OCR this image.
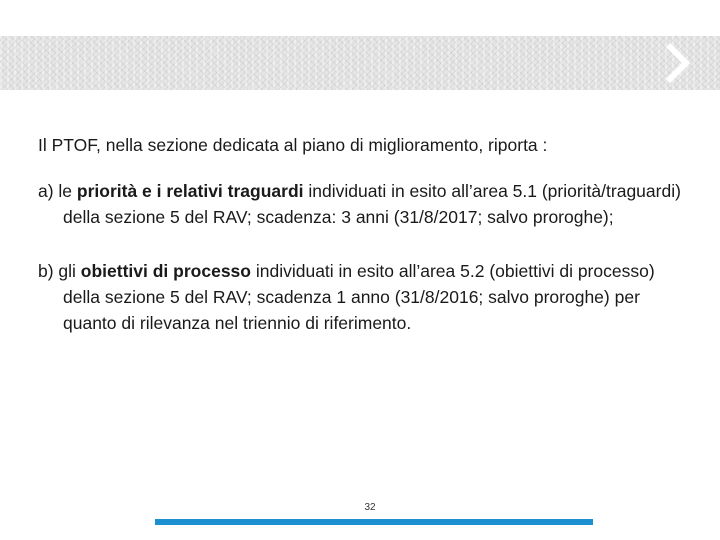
Il PTOF, nella sezione dedicata al piano di miglioramento, riporta :

a) le priorità e i relativi traguardi individuati in esito all’area 5.1 (priorità/traguardi) della sezione 5 del RAV; scadenza: 3 anni (31/8/2017; salvo proroghe);

b) gli obiettivi di processo individuati in esito all’area 5.2 (obiettivi di processo) della sezione 5 del RAV; scadenza 1 anno (31/8/2016; salvo proroghe) per quanto di rilevanza nel triennio di riferimento.

32
